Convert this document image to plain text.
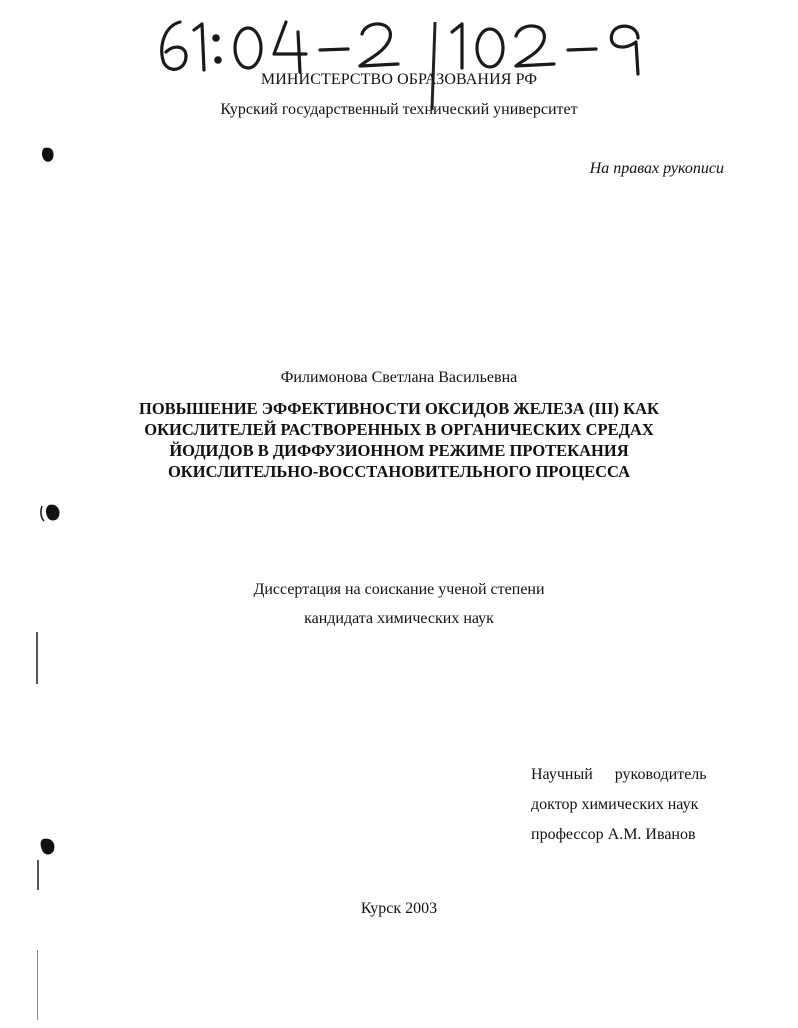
МИНИСТЕРСТВО ОБРАЗОВАНИЯ РФ
Курский государственный технический университет
На правах рукописи
Филимонова Светлана Васильевна
ПОВЫШЕНИЕ ЭФФЕКТИВНОСТИ ОКСИДОВ ЖЕЛЕЗА (III) КАК
ОКИСЛИТЕЛЕЙ РАСТВОРЕННЫХ В ОРГАНИЧЕСКИХ СРЕДАХ
ЙОДИДОВ В ДИФФУЗИОННОМ РЕЖИМЕ ПРОТЕКАНИЯ
ОКИСЛИТЕЛЬНО-ВОССТАНОВИТЕЛЬНОГО ПРОЦЕССА
Диссертация на соискание ученой степени
кандидата химических наук
Научный руководитель
доктор химических наук
профессор А.М. Иванов
Курск 2003
